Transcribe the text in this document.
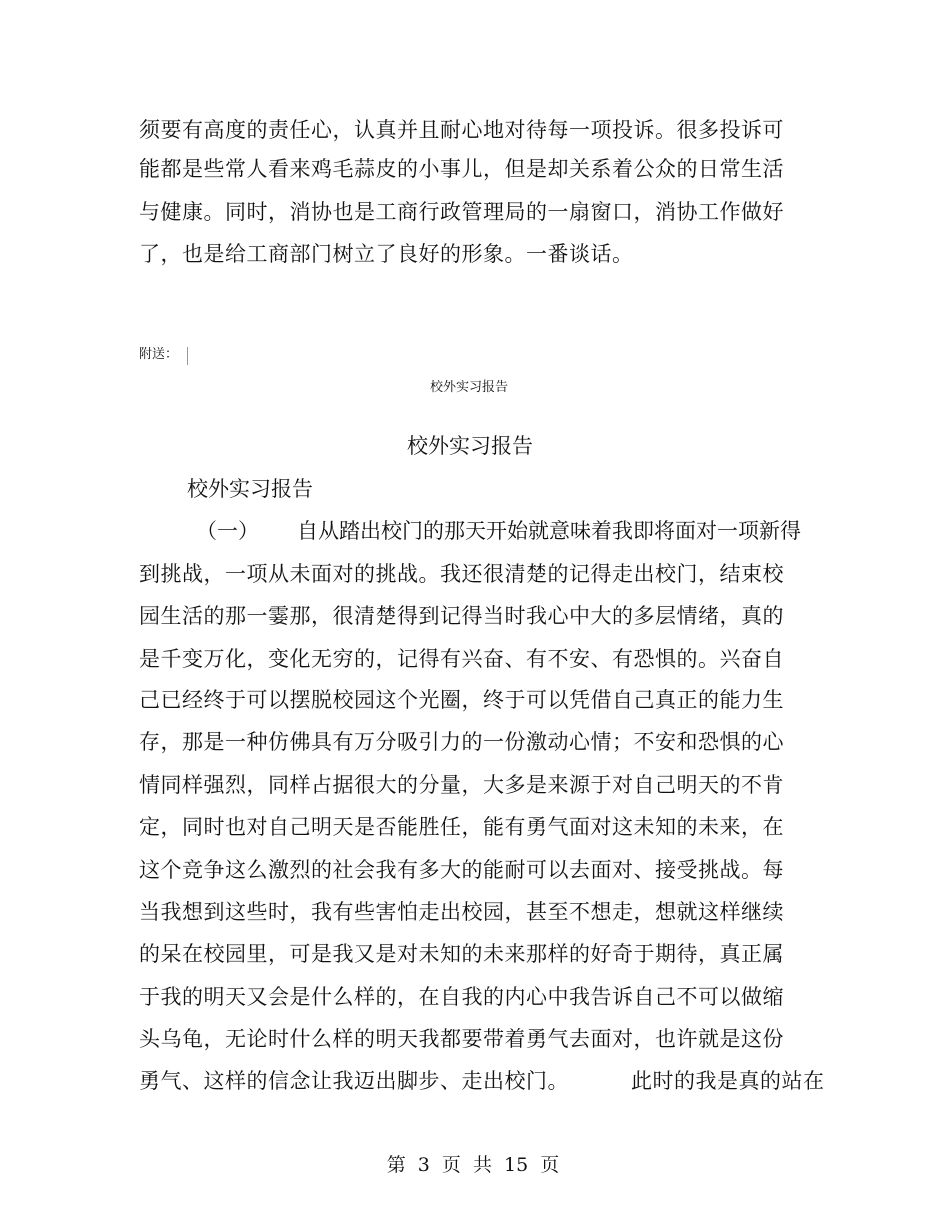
须要有高度的责任心，认真并且耐心地对待每一项投诉。很多投诉可
能都是些常人看来鸡毛蒜皮的小事儿，但是却关系着公众的日常生活
与健康。同时，消协也是工商行政管理局的一扇窗口，消协工作做好
了，也是给工商部门树立了良好的形象。一番谈话。
附送：
校外实习报告
校外实习报告
校外实习报告
（一） 自从踏出校门的那天开始就意味着我即将面对一项新得
到挑战，一项从未面对的挑战。我还很清楚的记得走出校门，结束校
园生活的那一霎那，很清楚得到记得当时我心中大的多层情绪，真的
是千变万化，变化无穷的，记得有兴奋、有不安、有恐惧的。兴奋自
己已经终于可以摆脱校园这个光圈，终于可以凭借自己真正的能力生
存，那是一种仿佛具有万分吸引力的一份激动心情；不安和恐惧的心
情同样强烈，同样占据很大的分量，大多是来源于对自己明天的不肯
定，同时也对自己明天是否能胜任，能有勇气面对这未知的未来，在
这个竞争这么激烈的社会我有多大的能耐可以去面对、接受挑战。每
当我想到这些时，我有些害怕走出校园，甚至不想走，想就这样继续
的呆在校园里，可是我又是对未知的未来那样的好奇于期待，真正属
于我的明天又会是什么样的，在自我的内心中我告诉自己不可以做缩
头乌龟，无论时什么样的明天我都要带着勇气去面对，也许就是这份
勇气、这样的信念让我迈出脚步、走出校门。	此时的我是真的站在
第 3 页 共 15 页
